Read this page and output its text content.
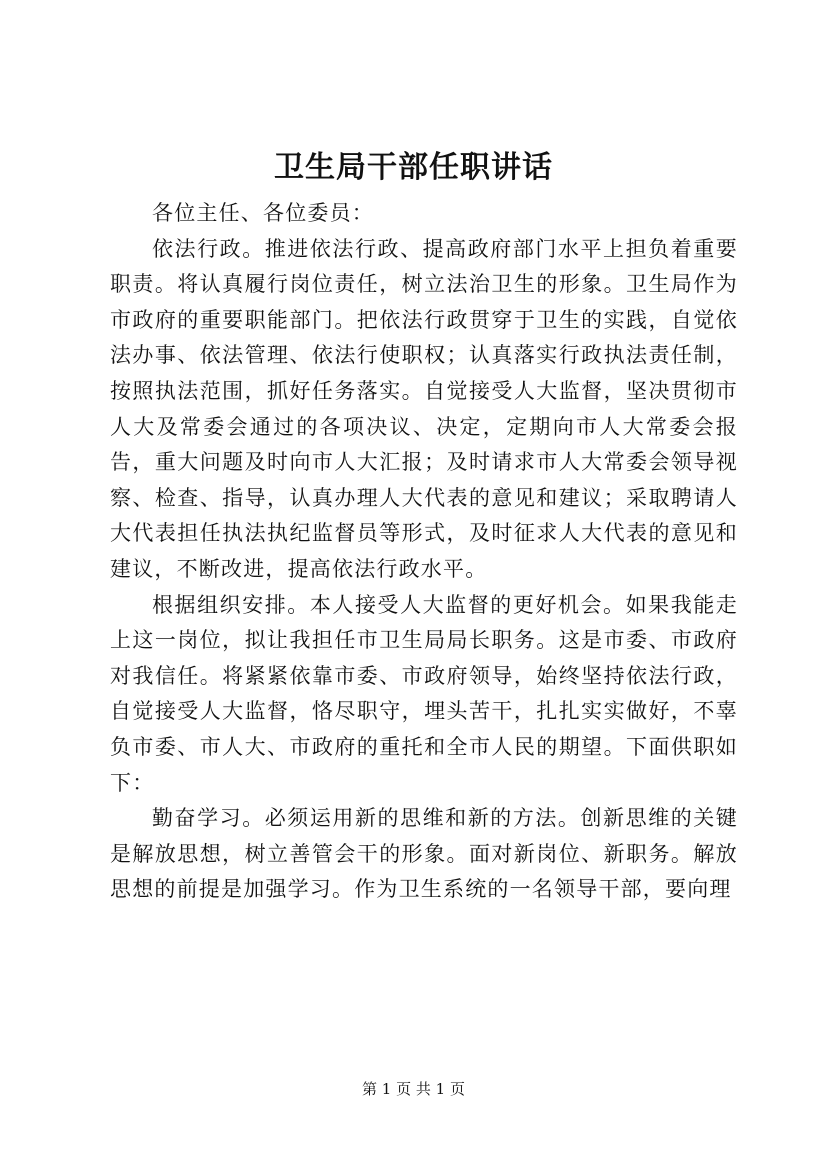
卫生局干部任职讲话

各位主任、各位委员：

依法行政。推进依法行政、提高政府部门水平上担负着重要职责。将认真履行岗位责任，树立法治卫生的形象。卫生局作为市政府的重要职能部门。把依法行政贯穿于卫生的实践，自觉依法办事、依法管理、依法行使职权；认真落实行政执法责任制，按照执法范围，抓好任务落实。自觉接受人大监督，坚决贯彻市人大及常委会通过的各项决议、决定，定期向市人大常委会报告，重大问题及时向市人大汇报；及时请求市人大常委会领导视察、检查、指导，认真办理人大代表的意见和建议；采取聘请人大代表担任执法执纪监督员等形式，及时征求人大代表的意见和建议，不断改进，提高依法行政水平。

根据组织安排。本人接受人大监督的更好机会。如果我能走上这一岗位，拟让我担任市卫生局局长职务。这是市委、市政府对我信任。将紧紧依靠市委、市政府领导，始终坚持依法行政，自觉接受人大监督，恪尽职守，埋头苦干，扎扎实实做好，不辜负市委、市人大、市政府的重托和全市人民的期望。下面供职如下：

勤奋学习。必须运用新的思维和新的方法。创新思维的关键是解放思想，树立善管会干的形象。面对新岗位、新职务。解放思想的前提是加强学习。作为卫生系统的一名领导干部，要向理

第 1 页 共 1 页
